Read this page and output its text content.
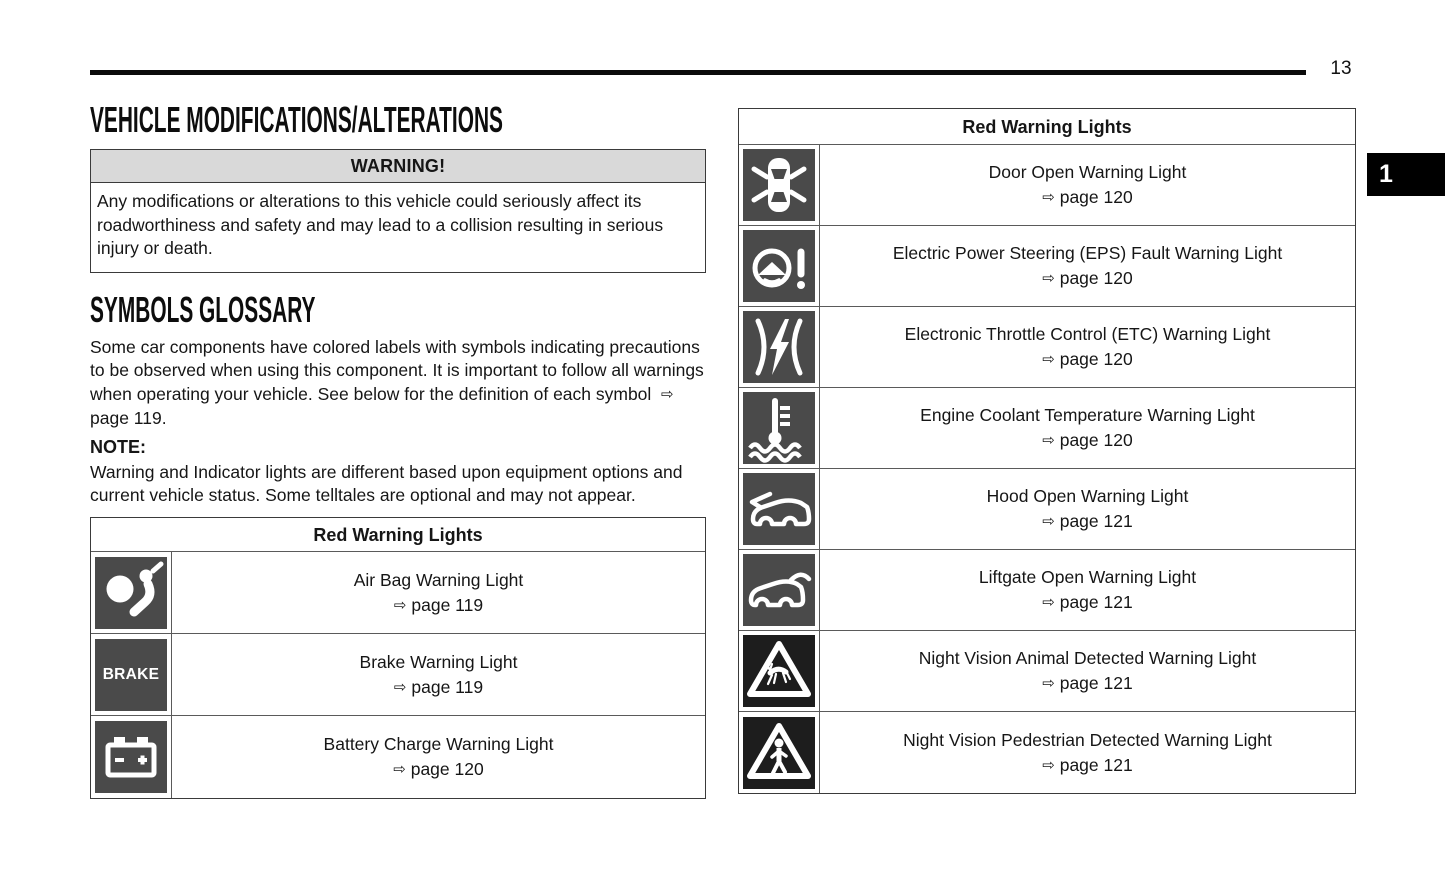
13
1
VEHICLE MODIFICATIONS/ALTERATIONS
WARNING!
Any modifications or alterations to this vehicle could seriously affect its roadworthiness and safety and may lead to a collision resulting in serious injury or death.
SYMBOLS GLOSSARY
Some car components have colored labels with symbols indicating precautions to be observed when using this component. It is important to follow all warnings when operating your vehicle. See below for the definition of each symbol ⇨ page 119.
NOTE:
Warning and Indicator lights are different based upon equipment options and current vehicle status. Some telltales are optional and may not appear.
Red Warning Lights
Air Bag Warning Light
⇨ page 119
BRAKE
Brake Warning Light
⇨ page 119
Battery Charge Warning Light
⇨ page 120
Red Warning Lights
Door Open Warning Light
⇨ page 120
Electric Power Steering (EPS) Fault Warning Light
⇨ page 120
Electronic Throttle Control (ETC) Warning Light
⇨ page 120
Engine Coolant Temperature Warning Light
⇨ page 120
Hood Open Warning Light
⇨ page 121
Liftgate Open Warning Light
⇨ page 121
Night Vision Animal Detected Warning Light
⇨ page 121
Night Vision Pedestrian Detected Warning Light
⇨ page 121
